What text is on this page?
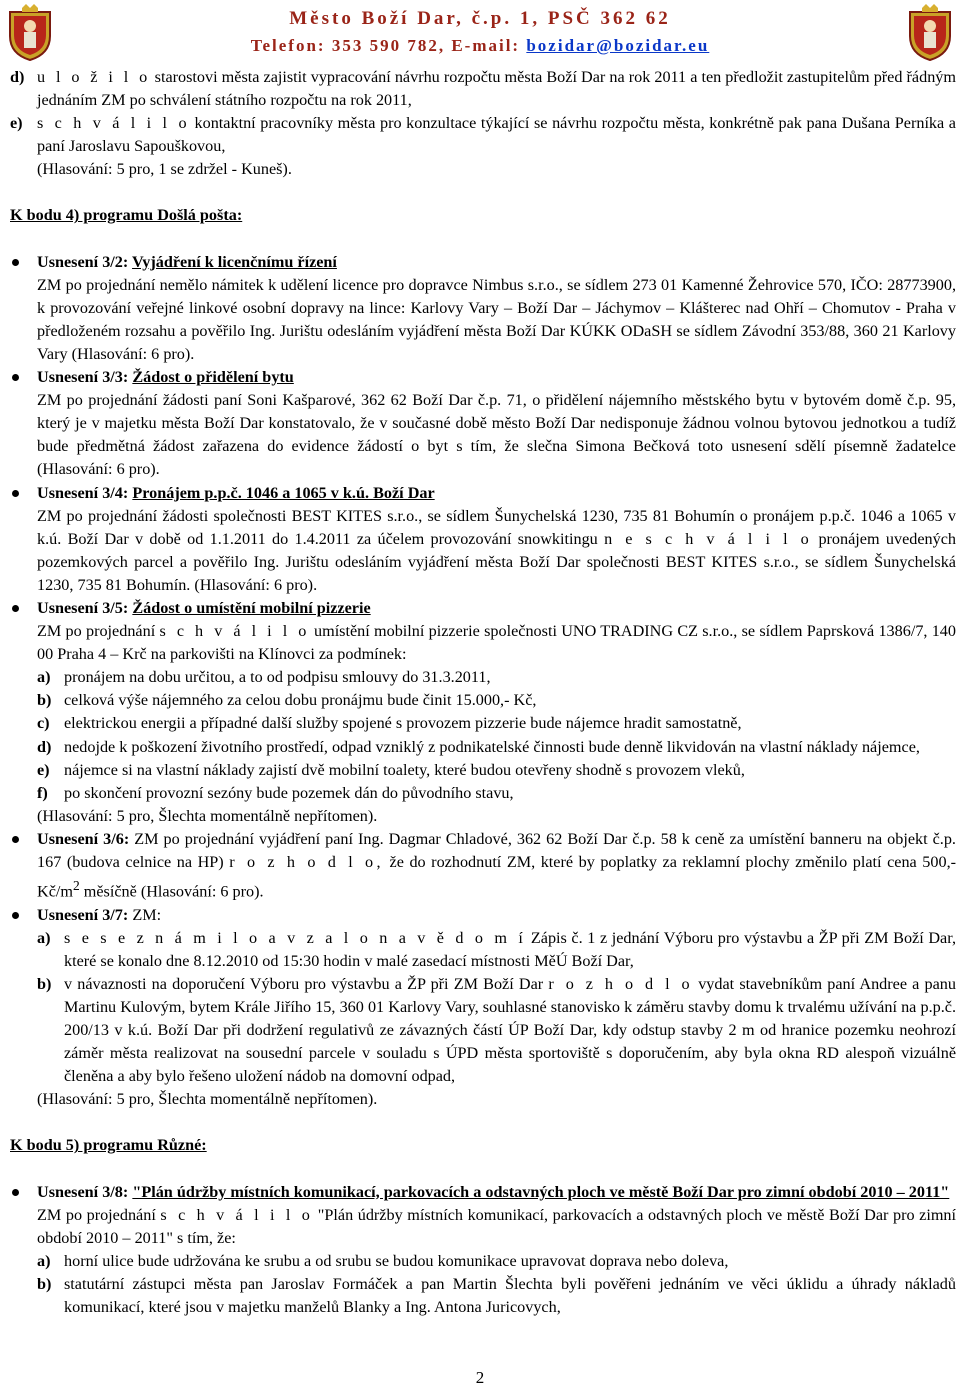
Město Boží Dar, č.p. 1, PSČ 362 62
Telefon: 353 590 782, E-mail: bozidar@bozidar.eu
d) u l o ž i l o starostovi města zajistit vypracování návrhu rozpočtu města Boží Dar na rok 2011 a ten předložit zastupitelům před řádným jednáním ZM po schválení státního rozpočtu na rok 2011,
e) s c h v á l i l o kontaktní pracovníky města pro konzultace týkající se návrhu rozpočtu města, konkrétně pak pana Dušana Perníka a paní Jaroslavu Sapouškovou,

(Hlasování: 5 pro, 1 se zdržel - Kuneš).

K bodu 4) programu Došlá pošta:

Usnesení 3/2: Vyjádření k licenčnímu řízení

ZM po projednání nemělo námitek k udělení licence pro dopravce Nimbus s.r.o., se sídlem 273 01 Kamenné Žehrovice 570, IČO: 28773900, k provozování veřejné linkové osobní dopravy na lince: Karlovy Vary – Boží Dar – Jáchymov – Klášterec nad Ohří – Chomutov - Praha v předloženém rozsahu a pověřilo Ing. Jurištu odesláním vyjádření města Boží Dar KÚKK ODaSH se sídlem Závodní 353/88, 360 21 Karlovy Vary (Hlasování: 6 pro).

Usnesení 3/3: Žádost o přidělení bytu

ZM po projednání žádosti paní Soni Kašparové, 362 62 Boží Dar č.p. 71, o přidělení nájemního městského bytu v bytovém domě č.p. 95, který je v majetku města Boží Dar konstatovalo, že v současné době město Boží Dar nedisponuje žádnou volnou bytovou jednotkou a tudíž bude předmětná žádost zařazena do evidence žádostí o byt s tím, že slečna Simona Bečková toto usnesení sdělí písemně žadatelce (Hlasování: 6 pro).

Usnesení 3/4: Pronájem p.p.č. 1046 a 1065 v k.ú. Boží Dar

ZM po projednání žádosti společnosti BEST KITES s.r.o., se sídlem Šunychelská 1230, 735 81 Bohumín o pronájem p.p.č. 1046 a 1065 v k.ú. Boží Dar v době od 1.1.2011 do 1.4.2011 za účelem provozování snowkitingu n e s c h v á l i l o pronájem uvedených pozemkových parcel a pověřilo Ing. Jurištu odesláním vyjádření města Boží Dar společnosti BEST KITES s.r.o., se sídlem Šunychelská 1230, 735 81 Bohumín. (Hlasování: 6 pro).

Usnesení 3/5: Žádost o umístění mobilní pizzerie

ZM po projednání s c h v á l i l o umístění mobilní pizzerie společnosti UNO TRADING CZ s.r.o., se sídlem Paprsková 1386/7, 140 00 Praha 4 – Krč na parkovišti na Klínovci za podmínek:

a) pronájem na dobu určitou, a to od podpisu smlouvy do 31.3.2011,
b) celková výše nájemného za celou dobu pronájmu bude činit 15.000,- Kč,
c) elektrickou energii a případné další služby spojené s provozem pizzerie bude nájemce hradit samostatně,
d) nedojde k poškození životního prostředí, odpad vzniklý z podnikatelské činnosti bude denně likvidován na vlastní náklady nájemce,
e) nájemce si na vlastní náklady zajistí dvě mobilní toalety, které budou otevřeny shodně s provozem vleků,
f)	po skončení provozní sezóny bude pozemek dán do původního stavu,

(Hlasování: 5 pro, Šlechta momentálně nepřítomen).

Usnesení 3/6: ZM po projednání vyjádření paní Ing. Dagmar Chladové, 362 62 Boží Dar č.p. 58 k ceně za umístění banneru na objekt č.p. 167 (budova celnice na HP) r o z h o d l o, že do rozhodnutí ZM, které by poplatky za reklamní plochy změnilo platí cena 500,- $Kč/m^2$ měsíčně (Hlasování: 6 pro).

Usnesení 3/7: ZM:

a) s e s e z n á m i l o a v z a l o n a v ě d o m í Zápis č. 1 z jednání Výboru pro výstavbu a ŽP při ZM Boží Dar, které se konalo dne 8.12.2010 od 15:30 hodin v malé zasedací místnosti MěÚ Boží Dar,
b) v návaznosti na doporučení Výboru pro výstavbu a ŽP při ZM Boží Dar r o z h o d l o vydat stavebníkům paní Andree a panu Martinu Kulovým, bytem Krále Jiřího 15, 360 01 Karlovy Vary, souhlasné stanovisko k záměru stavby domu k trvalému užívání na p.p.č. 200/13 v k.ú. Boží Dar při dodržení regulativů ze závazných částí ÚP Boží Dar, kdy odstup stavby 2 m od hranice pozemku neohrozí záměr města realizovat na sousední parcele v souladu s ÚPD města sportoviště s doporučením, aby byla okna RD alespoň vizuálně členěna a aby bylo řešeno uložení nádob na domovní odpad,

(Hlasování: 5 pro, Šlechta momentálně nepřítomen).

K bodu 5) programu Různé:

Usnesení 3/8: "Plán údržby místních komunikací, parkovacích a odstavných ploch ve městě Boží Dar pro zimní období 2010 – 2011"

ZM po projednání s c h v á l i l o "Plán údržby místních komunikací, parkovacích a odstavných ploch ve městě Boží Dar pro zimní období 2010 – 2011" s tím, že:

a) horní ulice bude udržována ke srubu a od srubu se budou komunikace upravovat doprava nebo doleva,
b) statutární zástupci města pan Jaroslav Formáček a pan Martin Šlechta byli pověřeni jednáním ve věci úklidu a úhrady nákladů komunikací, které jsou v majetku manželů Blanky a Ing. Antona Juricovych,
2
